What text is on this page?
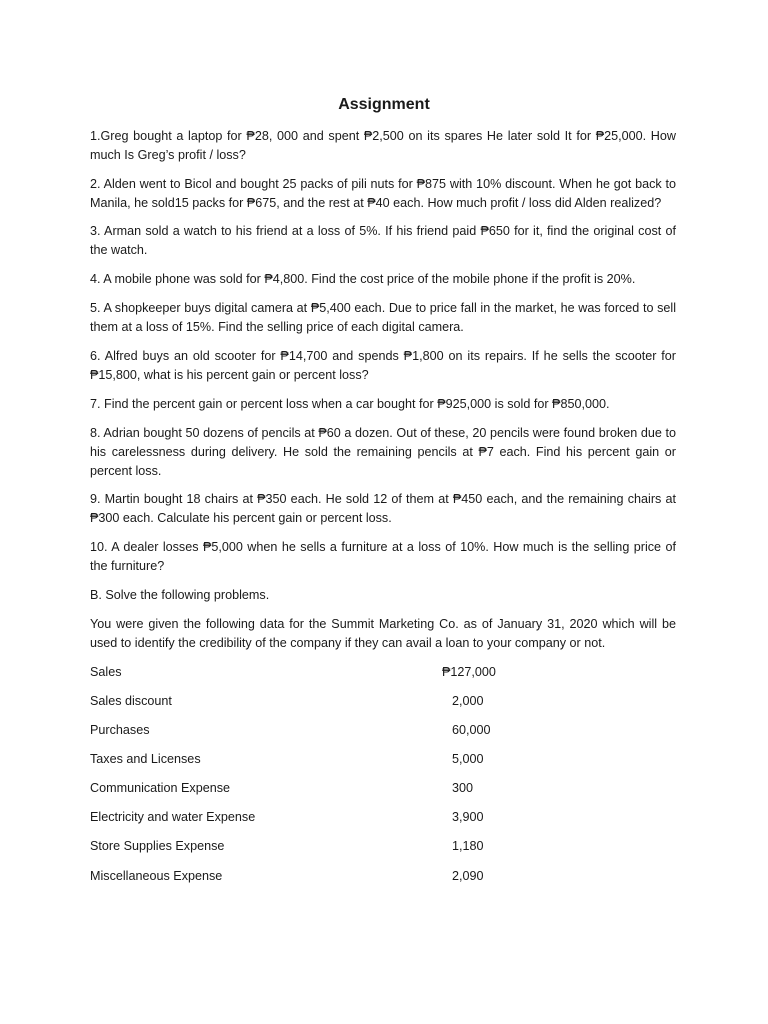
Assignment
1.Greg bought a laptop for ₱28, 000 and spent ₱2,500 on its spares He later sold It for ₱25,000. How much Is Greg’s profit / loss?
2. Alden went to Bicol and bought 25 packs of pili nuts for ₱875 with 10% discount. When he got back to Manila, he sold15 packs for ₱675, and the rest at ₱40 each. How much profit / loss did Alden realized?
3. Arman sold a watch to his friend at a loss of 5%. If his friend paid ₱650 for it, find the original cost of the watch.
4. A mobile phone was sold for ₱4,800. Find the cost price of the mobile phone if the profit is 20%.
5. A shopkeeper buys digital camera at ₱5,400 each. Due to price fall in the market, he was forced to sell them at a loss of 15%. Find the selling price of each digital camera.
6. Alfred buys an old scooter for ₱14,700 and spends ₱1,800 on its repairs. If he sells the scooter for ₱15,800, what is his percent gain or percent loss?
7. Find the percent gain or percent loss when a car bought for ₱925,000 is sold for ₱850,000.
8. Adrian bought 50 dozens of pencils at ₱60 a dozen. Out of these, 20 pencils were found broken due to his carelessness during delivery. He sold the remaining pencils at ₱7 each. Find his percent gain or percent loss.
9. Martin bought 18 chairs at ₱350 each. He sold 12 of them at ₱450 each, and the remaining chairs at ₱300 each. Calculate his percent gain or percent loss.
10. A dealer losses ₱5,000 when he sells a furniture at a loss of 10%. How much is the selling price of the furniture?
B. Solve the following problems.
You were given the following data for the Summit Marketing Co. as of January 31, 2020 which will be used to identify the credibility of the company if they can avail a loan to your company or not.
Sales	₱127,000
Sales discount	2,000
Purchases	60,000
Taxes and Licenses	5,000
Communication Expense	300
Electricity and water Expense	3,900
Store Supplies Expense	1,180
Miscellaneous Expense	2,090
